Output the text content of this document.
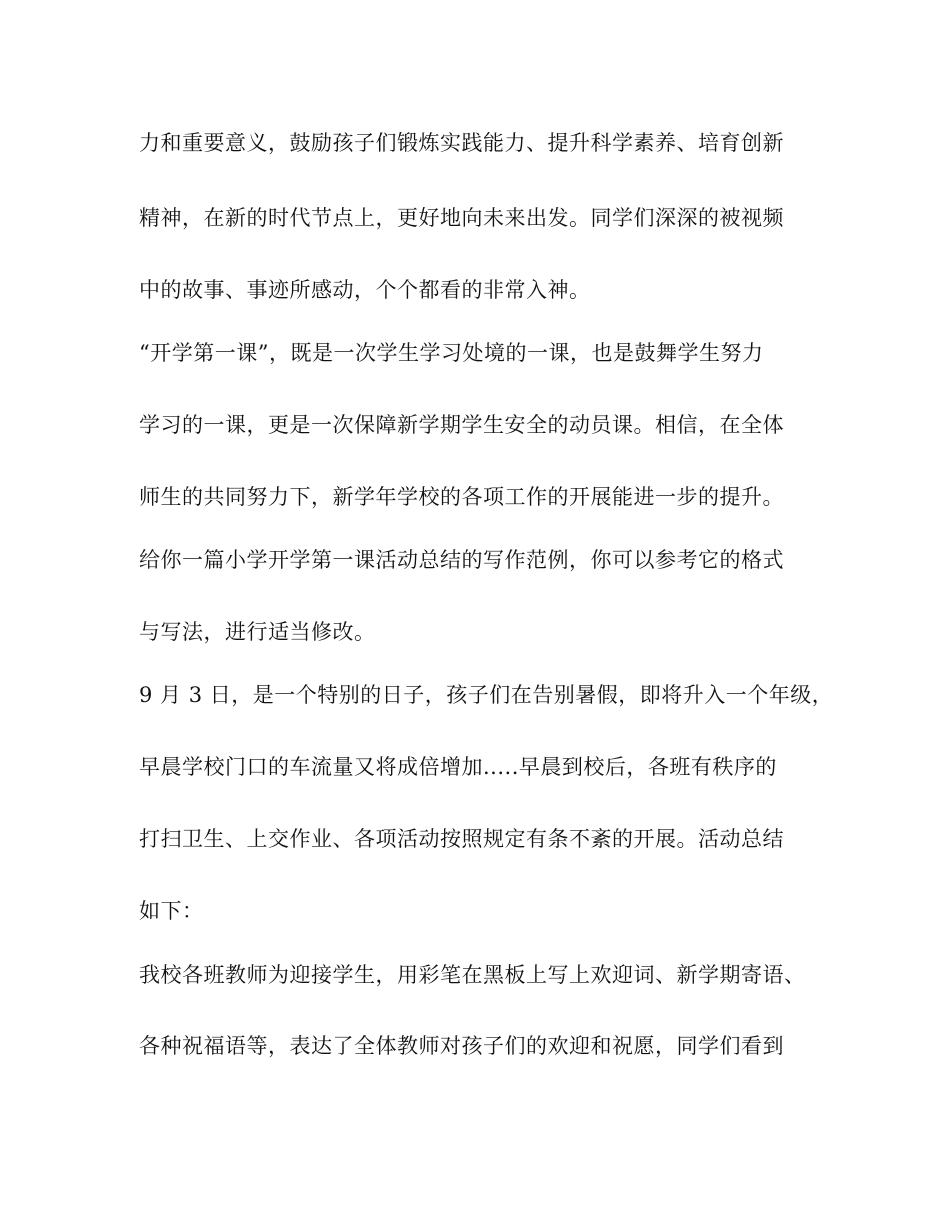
力和重要意义，鼓励孩子们锻炼实践能力、提升科学素养、培育创新
精神，在新的时代节点上，更好地向未来出发。同学们深深的被视频
中的故事、事迹所感动，个个都看的非常入神。
“开学第一课”，既是一次学生学习处境的一课，也是鼓舞学生努力
学习的一课，更是一次保障新学期学生安全的动员课。相信，在全体
师生的共同努力下，新学年学校的各项工作的开展能进一步的提升。
给你一篇小学开学第一课活动总结的写作范例，你可以参考它的格式
与写法，进行适当修改。
9 月 3 日，是一个特别的日子，孩子们在告别暑假，即将升入一个年级，
早晨学校门口的车流量又将成倍增加.....早晨到校后，各班有秩序的
打扫卫生、上交作业、各项活动按照规定有条不紊的开展。活动总结
如下：
我校各班教师为迎接学生，用彩笔在黑板上写上欢迎词、新学期寄语、
各种祝福语等，表达了全体教师对孩子们的欢迎和祝愿，同学们看到
